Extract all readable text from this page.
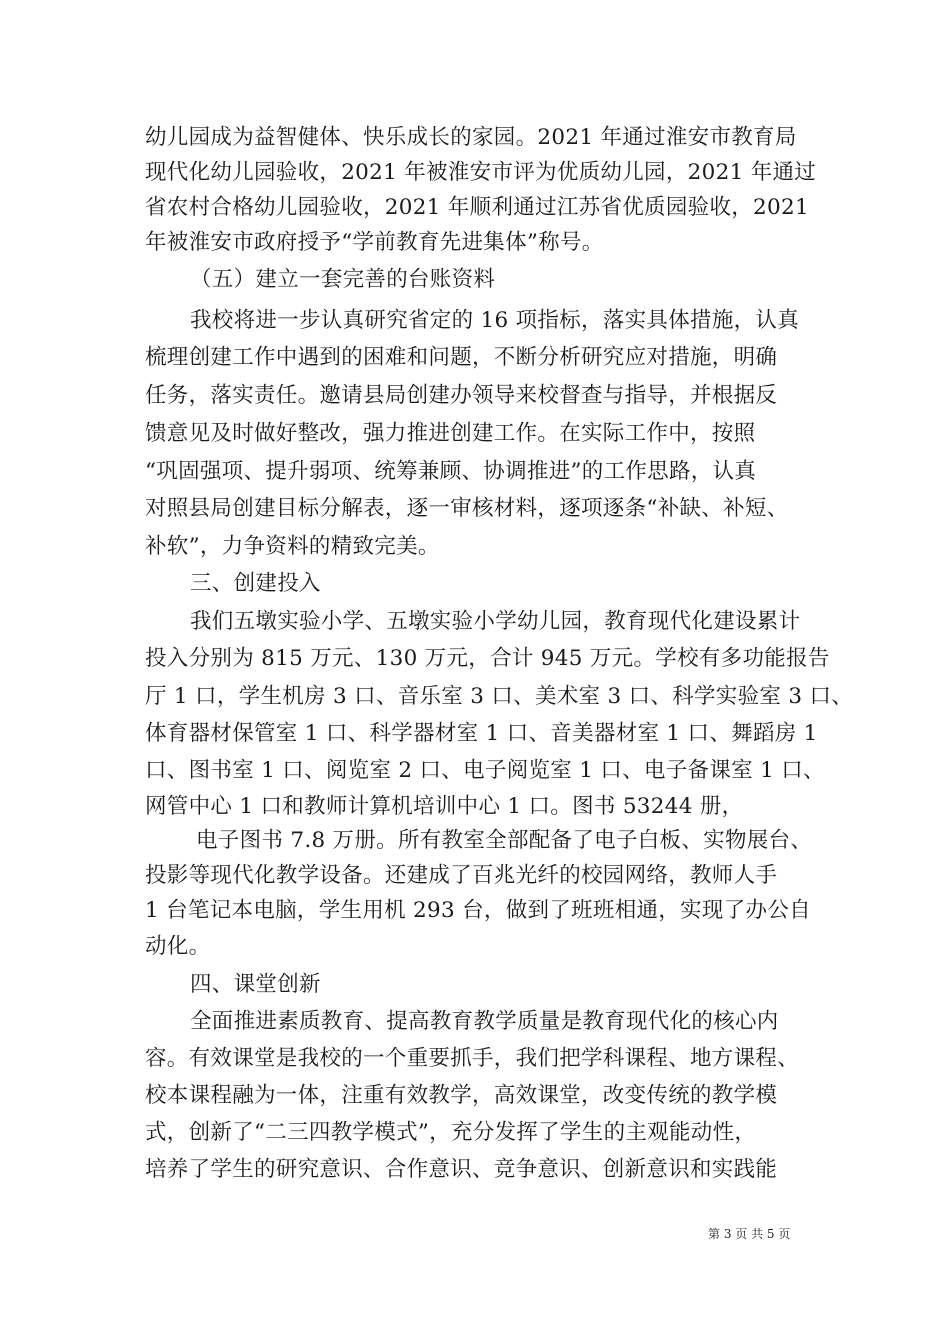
幼儿园成为益智健体、快乐成长的家园。2021 年通过淮安市教育局
现代化幼儿园验收，2021 年被淮安市评为优质幼儿园，2021 年通过
省农村合格幼儿园验收，2021 年顺利通过江苏省优质园验收，2021
年被淮安市政府授予“学前教育先进集体”称号。
（五）建立一套完善的台账资料
我校将进一步认真研究省定的 16 项指标，落实具体措施，认真
梳理创建工作中遇到的困难和问题，不断分析研究应对措施，明确
任务，落实责任。邀请县局创建办领导来校督查与指导，并根据反
馈意见及时做好整改，强力推进创建工作。在实际工作中，按照
“巩固强项、提升弱项、统筹兼顾、协调推进”的工作思路，认真
对照县局创建目标分解表，逐一审核材料，逐项逐条“补缺、补短、
补软”，力争资料的精致完美。
三、创建投入
我们五墩实验小学、五墩实验小学幼儿园，教育现代化建设累计
投入分别为 815 万元、130 万元，合计 945 万元。学校有多功能报告
厅 1 口，学生机房 3 口、音乐室 3 口、美术室 3 口、科学实验室 3 口、
体育器材保管室 1 口、科学器材室 1 口、音美器材室 1 口、舞蹈房 1
口、图书室 1 口、阅览室 2 口、电子阅览室 1 口、电子备课室 1 口、
网管中心 1 口和教师计算机培训中心 1 口。图书 53244 册，
电子图书 7.8 万册。所有教室全部配备了电子白板、实物展台、
投影等现代化教学设备。还建成了百兆光纤的校园网络，教师人手
1 台笔记本电脑，学生用机 293 台，做到了班班相通，实现了办公自
动化。
四、课堂创新
全面推进素质教育、提高教育教学质量是教育现代化的核心内
容。有效课堂是我校的一个重要抓手，我们把学科课程、地方课程、
校本课程融为一体，注重有效教学，高效课堂，改变传统的教学模
式，创新了“二三四教学模式”，充分发挥了学生的主观能动性，
培养了学生的研究意识、合作意识、竞争意识、创新意识和实践能
第 3 页 共 5 页
